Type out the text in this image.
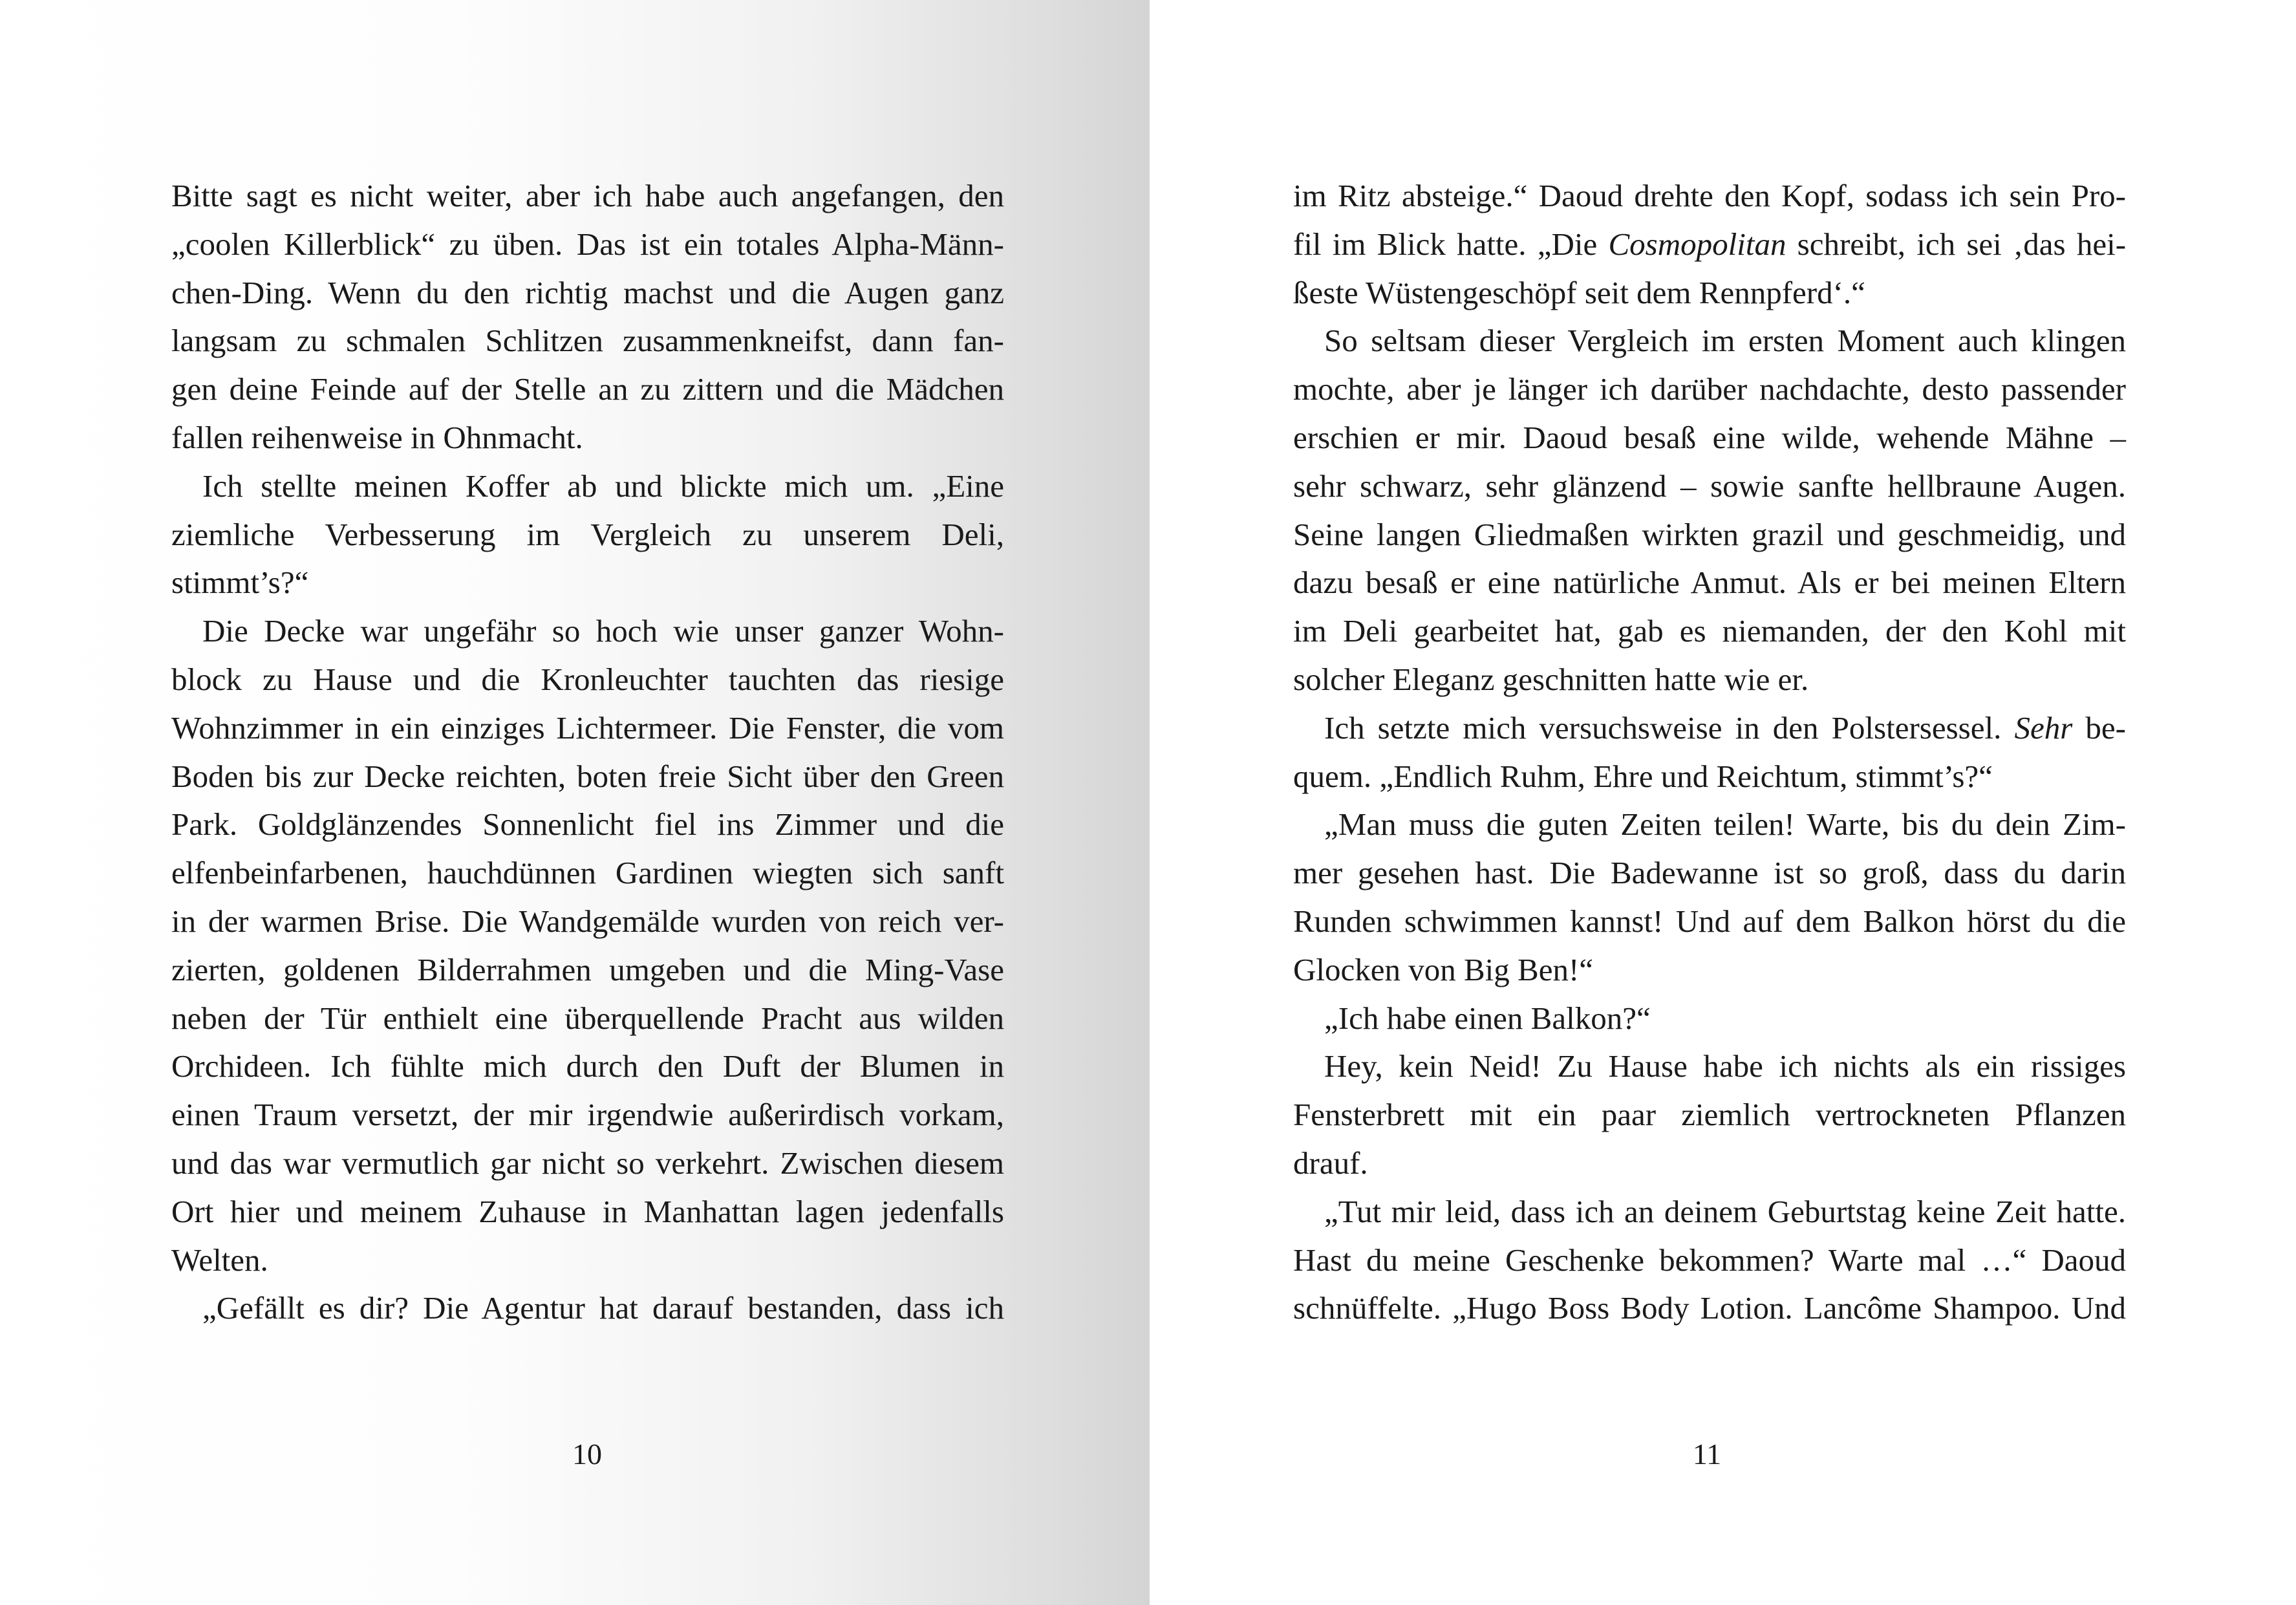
Bitte sagt es nicht weiter, aber ich habe auch angefangen, den
„coolen Killerblick“ zu üben. Das ist ein totales Alpha-Männ-
chen-Ding. Wenn du den richtig machst und die Augen ganz
langsam zu schmalen Schlitzen zusammenkneifst, dann fan-
gen deine Feinde auf der Stelle an zu zittern und die Mädchen
fallen reihenweise in Ohnmacht.
Ich stellte meinen Koffer ab und blickte mich um. „Eine
ziemliche Verbesserung im Vergleich zu unserem Deli,
stimmt’s?“
Die Decke war ungefähr so hoch wie unser ganzer Wohn-
block zu Hause und die Kronleuchter tauchten das riesige
Wohnzimmer in ein einziges Lichtermeer. Die Fenster, die vom
Boden bis zur Decke reichten, boten freie Sicht über den Green
Park. Goldglänzendes Sonnenlicht fiel ins Zimmer und die
elfenbeinfarbenen, hauchdünnen Gardinen wiegten sich sanft
in der warmen Brise. Die Wandgemälde wurden von reich ver-
zierten, goldenen Bilderrahmen umgeben und die Ming-Vase
neben der Tür enthielt eine überquellende Pracht aus wilden
Orchideen. Ich fühlte mich durch den Duft der Blumen in
einen Traum versetzt, der mir irgendwie außerirdisch vorkam,
und das war vermutlich gar nicht so verkehrt. Zwischen diesem
Ort hier und meinem Zuhause in Manhattan lagen jedenfalls
Welten.
„Gefällt es dir? Die Agentur hat darauf bestanden, dass ich
10
im Ritz absteige.“ Daoud drehte den Kopf, sodass ich sein Pro-
fil im Blick hatte. „Die Cosmopolitan schreibt, ich sei ‚das hei-
ßeste Wüstengeschöpf seit dem Rennpferd‘.“
So seltsam dieser Vergleich im ersten Moment auch klingen
mochte, aber je länger ich darüber nachdachte, desto passender
erschien er mir. Daoud besaß eine wilde, wehende Mähne –
sehr schwarz, sehr glänzend – sowie sanfte hellbraune Augen.
Seine langen Gliedmaßen wirkten grazil und geschmeidig, und
dazu besaß er eine natürliche Anmut. Als er bei meinen Eltern
im Deli gearbeitet hat, gab es niemanden, der den Kohl mit
solcher Eleganz geschnitten hatte wie er.
Ich setzte mich versuchsweise in den Polstersessel. Sehr be-
quem. „Endlich Ruhm, Ehre und Reichtum, stimmt’s?“
„Man muss die guten Zeiten teilen! Warte, bis du dein Zim-
mer gesehen hast. Die Badewanne ist so groß, dass du darin
Runden schwimmen kannst! Und auf dem Balkon hörst du die
Glocken von Big Ben!“
„Ich habe einen Balkon?“
Hey, kein Neid! Zu Hause habe ich nichts als ein rissiges
Fensterbrett mit ein paar ziemlich vertrockneten Pflanzen
drauf.
„Tut mir leid, dass ich an deinem Geburtstag keine Zeit hatte.
Hast du meine Geschenke bekommen? Warte mal …“ Daoud
schnüffelte. „Hugo Boss Body Lotion. Lancôme Shampoo. Und
11
